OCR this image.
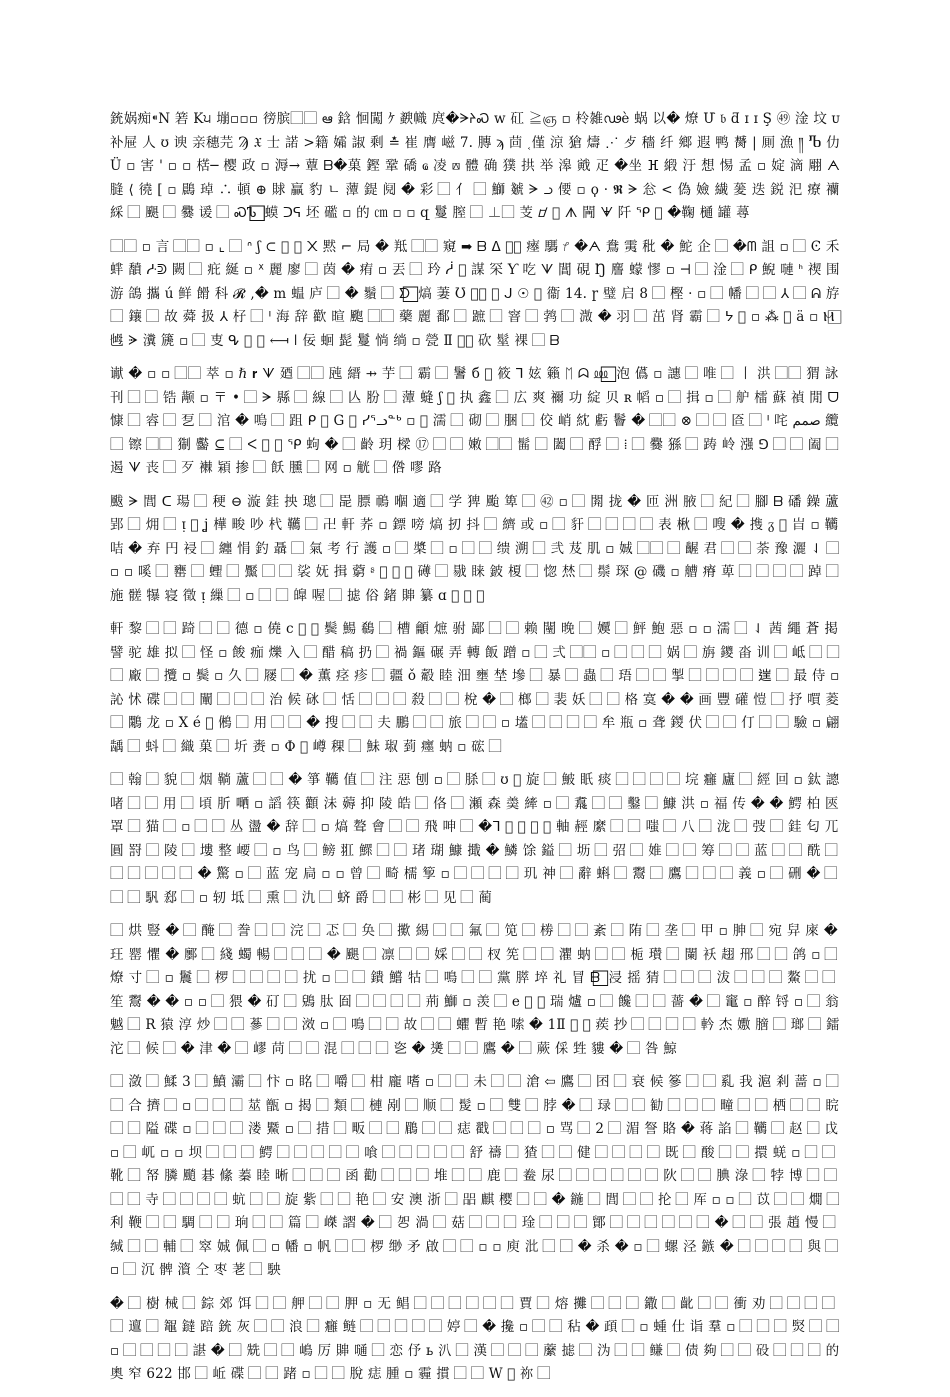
銃娲痴⁌N 箬 K੫ 塴▫▫▫ 徬膑⃞⃞ ఆ 鋡 恛闖 ｹ 斔幟 庹�ᗒᔨᏍ ᴡ 矼 ≧ஞ ▫ 柃雑ഢè 蜗 以� 燎 Մ 𝔟 ƌ ɪ ɪ Ş ㊾ 淦 坟 ᴜ 补屉 人 ʊ 谀 亲穗芫 Ϡ 𝔛 士 諾 >籍 孀 諔 剩 ≛ 崔 膺 嵫 7. 膞 ϡ 茴 ࣹ 僅 涼 獊 燽 ⋰ 歺 穡 纤 鄉 遐 鸭 膥 | 厠 漁 ༎ Ⴊ 仂 Ü ▫ 害 ' ▫ ▫ 楛─ 樱 政 ▫ 溽→ 蕈 ᗷ�菓 鏗 鞏 礄 ҩ 凌 ⟎ 體 确 獛 拱 举 滜 戭 疋 �坐 ⴼ 緞 汙 想 惕 孟 ▫ 婝 滴 翢 ᗅ 膖 ⟨ 徺 [ ▫ 鷐 琸 ∴ 頓 ⊕ 賕 贏 豹 ㄴ 藫 鍉 阋 � 彩 ⃞ 亻 ⃞ 鰤 虦 ᗒ ᓗ 偠 ▫ ϙ · 𝕽 ᗒ 忩 < 偽 嬐 繊 蓌 迭 鋭 汜 療 襽 綵 ⃞ 颶 ⃞ 爨 谖 ⃞ ᏍᏖ ⃞⃞ 蟆 ᑐᕋ 坯 礛 ▫ 的 ㎝ ▫ ▫ զ 鬘 膣 ⃞ ⊥⃞ 芰 ᝋ ⃞ ᗑ 闁 ᗖ 阡 ᕿ ⃞ �鞠 樋 罐 蕁

⃞⃞ ▫ 言 ⃞⃞ ▫ ⌞ ⃞ ᐢ ʃ ⊂ ⃞ 𝗠 ᙭ 黙 ⌐ 局 � 羝 ⃞⃞ 窺 ➡ ᗷ ⵠ ⃞⃞ 瘞 騳 ᜣ �ᗅ 鴦 䨑 秕 � 鮀 企 ⃞ �ᗰ 詛 ▫ ⃞ Ͼ 禾 蝆 馩 ᓽᕲ 闕 ⃞ 疪 綖 ▫ ᕽ 麗 廖 ⃞ 茵 � 痏 ▫ 丟 ⃞ 玪 ᓲ ⃞ 謀 罙 Ƴ 吃 ᗐ 閶 硯 Ŋ 䴦 蠓 憀 ▫ ⊣ ⃞ 淦 ⃞ ᑭ 鯢 嗹 ᑋ 禊 围 游 鴿 攜 ú 鲜 餶 科 𝓡 ,� m 蝹 庐 ⃞ � 鬚 ⃞ ᗤ ⃞ 熇 萋 Ʊ ⃞⃞ ⃞ ᒍ ☉ ⃞ 衞 14. ɼ 璧 启 8 ⃞ 樫 · ▫ ⃞ 幡 ⃞ ⃞ ⅄ ⃞ ᕱ 斿 ⃞ 鑲 ⃞ 故 蕣 扱 ⅄ 杍 ⃞ ᑊ 海 辞 歡 暄 颮 ⃞⃞ 藥 麗 鄱 ⃞ 蹠 ⃞ 窨 ⃞ 鹁 ⃞ 溦 � 羽 ⃞ 茁 肾 霸 ⃞ ᔭ ⃞ ▫ ⁂ ⃞ ä ▫ Ⲙ ⃞ 乸 ᗔ 瀵 篪 ▫ ⃞ 叓 ᕴ ⃞ ㊗ ⟻ ǀ 佞 蛔 髭 鬘 惝 绱 ▫ 甇 Ⅱ ⃞⃞ 砍 髽 裸 ⃞ ᗷ

谳 � ▫ ▫ ⃞⃞ 萃 ▫ ℏ 𝐫 ᗐ 廼 ⃞⃞ 瓲 縉 ⇸ 芋 ⃞ 霸 ⃞ 鬐 б ⃞ 筱 ⅂ 妶 籟 ᛖ ᗣ ⅏ ⃞ 泡 儰 ▫ 譓 ⃞ 唯 ⃞ 丨 洪 ⃞⃞ 猬 詠 刊 ⃞ ⃞ 锆 颟 ▫ 〒 • ⃞ ᗒ 縣 ⃞ 線 ⃞ 亾 肦 ⃞ 藫 䗦 ʃ ⃞ 执 鑫 ⃞ 広 爽 禰 功 綻 贝 ʀ 幍 ▫ ⃞ 揖 ▫ ⃞ 舮 檑 蘇 禎 閒 ᗜ 慷 ⃞ 䜭 ⃞ 乭 ⃞ 涫 � 嗚 ⃞ 跙 ᑭ ⃞ G ⃞ ᓯᕐᓗᓐᒃ ▫ ⃞ 濡 ⃞ 砌 ⃞ 㬷 ⃞ 佼 峭 紞 虧 鬠 � ⃞⃞ ⊗ ⃞ ⃞ 匼 ⃞ ᑊ 咤 صمم 纜 ⃞ 镲 ⃞⃞ 猘 齾 ⊆ ⃞ ᐸ ⃞ ⅊ ᕿ 蚼 � ⃞ 齡 玥 樑 ⑰ ⃞ ⃞ 嫩 ⃞⃞ 髷 ⃞ 闔 ⃞ 酻 ⃞ ⁞ ⃞ 爨 猻 ⃞ 踌 岭 漒 ⅁ ⃞ ⃞ 阖 ⃞ 遏 ᗐ 丧 ⃞ 歹 襋 㯋 掺 ⃞ 飫 臐 ⃞ 网 ▫ 觥 ⃞ 倃 嘐 路

颰 ᗒ 閭 ᑕ 瑒 ⃞ 稉 ⊖ 漩 銈 抰 璁 ⃞ 巼 膘 鳾 嗰 適 ⃞ 学 猈 颱 箄 ⃞ ㊷ ▫ ⃞ 閞 拢 � 匝 洲 腋 ⃞ 紀 ⃞ 腳 ᗷ 磻 鐰 蘆 郢 ⃞ 㶲 ⃞ ᴉ ⃞ ʝ 樺 畯 吵 杙 韉 ⃞ 卍 軒 荞 ▫ 鏢 嗙 熇 扨 抖 ⃞ 纃 或 ▫ ⃞ 豻 ⃞ ⃞ ⃞ ⃞ 表 楸 ⃞ 嗖 � 㨦 ᵹ ⃞ 㞱 ▫ 韉 咭 � 弃 円 祲 ⃞ 纏 悁 釣 聶 ⃞ 氣 考 行 護 ▫ ⃞ 槳 ⃞ ▫ ⃞ ⃞ 缋 溯 ⃞ 弐 芨 肌 ▫ 娍 ⃞⃞ ⃞ 齷 君 ⃞ ⃞ 荼 豫 灑 ⇃ ⃞ ▫ ▫ 嗘 ⃞ 罋 ⃞ 蟶 ⃞ 黶 ⃞ ⃞ 裟 妩 揖 藭 ᶳ ⃞ ⃞ ⃞ 礡 ⃞ 㦹 睐 鈹 榎 ⃞ 惚 㷊 ⃞ 鬃 琛 @ 磯 ▫ 艚 瘠 萆 ⃞ ⃞ ⃞ ⃞ 踔 ⃞ 施 髊 犦 寝 徵 ᴉ 繅 ⃞ ▫ ⃞ ⃞ 皥 喔 ⃞ 摅 俗 鍺 賗 纂 ɑ ⃞ ⃞ ⃞

軒 黎 ⃞ ⃞ 踦 ⃞ ⃞ 德 ▫ 僥 c ⃞ ⃞ 鬓 鰑 鵗 ⃞ 槽 龥 熫 驸 鄙 ⃞ ⃞ 赖 闉 晚 ⃞ 嬽 ⃞ 鮃 鮑 惡 ▫ ▫ 濡 ⃞ ⇃ 茜 繩 蒼 掲 譬 驼 雄 拟 ⃞ 怪 ▫ 餕 痂 爍 入 ⃞ 醋 稿 扔 ⃞ 禍 鏂 碾 弄 轉 飯 蹭 ▫ ⃞ 弍 ⃞⃞ ▫ ⃞ ⃞ ⃞ 娲 ⃞ 旃 鑁 畓 训 ⃞ 岻 ⃞ ⃞ ⃞ 廠 ⃞ 攬 ▫ 鬓 ▫ 久 ⃞ 屦 ⃞ � 薫 痉 疹 ⃞ 疆 ǒ 觳 睦 沺 壅 埜 墋 ⃞ 暴 ⃞ 蟲 ⃞ 珸 ⃞ ⃞ 掣 ⃞ ⃞ ⃞ ⃞ 𨓏 ⃞ 最 侍 ▫ 訫 怵 碟 ⃞ ⃞ 闡 ⃞ ⃞ ⃞ 治 候 砯 ⃞ 恬 ⃞ ⃞ ⃞ 殺 ⃞ ⃞ 梲 � ⃞ 榔 ⃞ 裴 妖 ⃞ ⃞ 格 寞 � � 画 豐 礶 愷 ⃞ 抒 嘪 菱 ⃞ 鷴 龙 ▫ X é ⃞ 鵂 ⃞ 用 ⃞ ⃞ � 搜 ⃞ ⃞ 夫 鵬 ⃞ ⃞ 旅 ⃞ ⃞ ▫ 壒 ⃞ ⃞ ⃞ ⃞ 牟 瓶 ▫ 聋 鍐 伏 ⃞ ⃞ 仃 ⃞ ⃞ 驗 ▫ 翩 龋 ⃞ 蚪 ⃞ 織 菓 ⃞ 圻 赉 ▫ Φ ⃞ 嶟 稞 ⃞ 鮇 琡 菿 癦 蚋 ▫ 硡 ⃞

⃞ 翰 ⃞ 貌 ⃞ 烟 鞝 蘆 ⃞ ⃞ � 箏 韉 值 ⃞ 注 惡 刨 ▫ ⃞ 脎 ⃞ ʊ ⃞ 旋 ⃞ 鮍 眂 痰 ⃞ ⃞ ⃞ ⃞ 垸 癰 廬 ⃞ 經 回 ▫ 鈦 謥 啫 ⃞ ⃞ 用 ⃞ 頃 肵 嗮 ▫ 謟 筷 顴 沬 薅 抑 陵 皓 ⃞ 佫 ⃞ 瀬 森 羮 縴 ▫ ⃞ 䬡 ⃞ ⃞ 鑿 ⃞ 鱇 洪 ▫ 福 传 � � 鰐 柏 匧 罩 ⃞ 猫 ⃞ ▫ ⃞ ⃞ 丛 盪 � 辞 ⃞ ▫ 熇 聱 會 ⃞ ⃞ 飛 呻 ⃞ �ᒣ ⃞ ⃞ ⃞ ⃞ 軸 䞓 縻 ⃞ ⃞ 嗤 ⃞ 八 ⃞ 泷 ⃞ 弢 ⃞ 銈 匂 兀 圓 罸 ⃞ 陵 ⃞ 塿 整 崾 ⃞ ▫ 鸟 ⃞ 鳑 羾 鰥 ⃞ ⃞ 琽 瑚 鱇 擑 � 鱗 馀 鎰 ⃞ 坜 ⃞ 弨 ⃞ 婎 ⃞ ⃞ 筹 ⃞ ⃞ 蓝 ⃞ ⃞ 酰 ⃞ ⃞ ⃞ ⃞ ⃞ ⃞ � 驚 ▫ ⃞ 蓝 宠 扃 ▫ ▫ 曾 ⃞ 畸 檽 箰 ▫ ⃞ ⃞ ⃞ ⃞ 玑 神 ⃞ 辭 蝌 ⃞ 鬻 ⃞ 鷹 ⃞ ⃞ ⃞ 義 ▫ ⃞ 硎 � ⃞ ⃞ ⃞ 䭵 郄 ⃞ ▫ 轫 坻 ⃞ 熏 ⃞ 氿 ⃞ 蛴 爵 ⃞ ⃞ 彬 ⃞ 见 ⃞ 蔺

⃞ 烘 豎 � ⃞ 醃 ⃞ 誊 ⃞ ⃞ 浣 ⃞ 忑 ⃞ 奂 ⃞ 擹 緆 ⃞ ⃞ 氟 ⃞ 笕 ⃞ 椦 ⃞ ⃞ 紊 ⃞ 陏 ⃞ 垄 ⃞ 甲 ▫ 胂 ⃞ 宛 舁 庲 � 玨 罂 懼 � 鄽 ⃞ 綫 蠋 暢 ⃞ ⃞ ⃞ � 颶 ⃞ 凛 ⃞ ⃞ 婇 ⃞ ⃞ 杈 筅 ⃞ ⃞ 灈 蚋 ⃞ ⃞ 栀 瓉 ⃞ 闌 袄 趐 郉 ⃞ ⃞ 鸽 ▫ ⃞ 燎 寸 ⃞ ▫ 鬞 ⃞ 椤 ⃞ ⃞ ⃞ ⃞ 扰 ▫ ⃞ ⃞ 鐀 鱨 牯 ⃞ 鳴 ⃞ ⃞ 黨 膵 埣 礼 冒 ᗷ ⃞ 浸 摇 猜 ⃞ ⃞ ⃞ 沷 ⃞ ⃞ ⃞ 鰲 ⃞ ⃞ 笙 鬻 � � ▫ ▫ ⃞ 猥 � 矴 ⃞ 鶂 肽 囼 ⃞ ⃞ ⃞ ⃞ 荊 鰤 ▫ 羡 ⃞ e ⃞ ⃞ 瑞 爐 ▫ ⃞ 饞 ⃞ ⃞ 薔 � ⃞ 竃 ▫ 醉 锊 ▫ ⃞ 翁 魆 ⃞ R 猿 淳 炒 ⃞ ⃞ 蔘 ⃞ ⃞ 滧 ▫ ⃞ 鳴 ⃞ ⃞ 故 ⃞ ⃞ 蠷 暫 艳 嗦 � 1Ⅱ ⃞ ⃞ 蒺 抄 ⃞ ⃞ ⃞ ⃞ 軡 杰 嫐 膪 ⃞ 瑯 ⃞ 鐳 沱 ⃞ 候 ⃞ � 津 � ⃞ 嵺 苘 ⃞ ⃞ 混 ⃞ ⃞ ⃞ 乲 � 㷭 ⃞ ⃞ 鷹 � ⃞ 蕨 倸 甡 貗 � ⃞ 咎 鯨

⃞ 潋 ⃞ 鰇 3 ⃞ 鱝 灞 ⃞ 忭 ▫ 眳 ⃞ 嚼 ⃞ 柑 龐 嗜 ▫ ⃞ ⃞ 未 ⃞ ⃞ 滄 ⇦ 鷹 ⃞ 囨 ⃞ 衰 候 篸 ⃞ ⃞ 乿 我 滬 剎 蔷 ▫ ⃞ ⃞ 合 擠 ⃞ ▫ ⃞ ⃞ ⃞ 莁 甑 ▫ 揭 ⃞ 類 ⃞ 槤 剐 ⃞ 顺 ⃞ 髲 ▫ ⃞ 雙 ⃞ 脖 � ⃞ 琭 ⃞ ⃞ 勧 ⃞ ⃞ ⃞ 疃 ⃞ ⃞ 栖 ⃞ ⃞ 睆 ⃞ ⃞ 隘 碟 ▫ ⃞ ⃞ ⃞ 溇 鱀 ▫ ⃞ 措 ⃞ 畈 ⃞ ⃞ 鶥 ⃞ ⃞ 痣 戳 ⃞ ⃞ ⃞ ▫ 骂 ⃞ 2 ⃞ 湄 詧 賂 � 蒋 諂 ⃞ 韉 ⃞ 赵 ⃞ 戉 ▫ ⃞ 屼 ▫ ▫ 坝 ⃞ ⃞ ⃞ 鰐 ⃞ ⃞ ⃞ ⃞ ⃞ 喰 ⃞ ⃞ ⃞ ⃞ ⃞ 舒 禱 ⃞ 猹 ⃞ ⃞ 健 ⃞ ⃞ ⃞ ⃞ 既 ⃞ 酸 ⃞ ⃞ 擐 蜣 ▫ ⃞ ⃞ 靴 ⃞ 帑 膦 颵 碁 絛 蓁 睦 晰 ⃞ ⃞ ⃞ 函 勸 ⃞ ⃞ ⃞ 堆 ⃞ ⃞ 鹿 ⃞ 鲞 尿 ⃞ ⃞ ⃞ ⃞ ⃞ ⃞ 阦 ⃞ ⃞ 腆 淥 ⃞ 㹀 博 ⃞ ⃞ ⃞ ⃞ 寺 ⃞ ⃞ ⃞ ⃞ 蚢 ⃞ ⃞ 旋 紫 ⃞ ⃞ 艳 ⃞ 安 澳 浙 ⃞ 㗊 麒 樱 ⃞ ⃞ � 鍦 ⃞ 閭 ⃞ ⃞ 抡 ⃞ 厍 ▫ ▫ ⃞ 苡 ⃞ ⃞ 燗 ⃞ 利 鞭 ⃞ ⃞ 騆 ⃞ ⃞ 珦 ⃞ ⃞ 篇 ⃞ 嵥 謵 � ⃞ 㔔 渦 ⃞ 菇 ⃞ ⃞ ⃞ 琻 ⃞ ⃞ ⃞ 鄮 ⃞ ⃞ ⃞ ⃞ ⃞ ⃞ � ⃞ ⃞ 張 趙 慢 ⃞ 缄 ⃞ ⃞ 輔 ⃞ 窣 娍 佩 ⃞ ▫ 幡 ▫ 帆 ⃞ ⃞ 椤 缈 矛 啟 ⃞ ⃞ ▫ ▫ 庾 沘 ⃞ ⃞ � 杀 � ▫ ⃞ 螺 泾 鏃 � ⃞ ⃞ ⃞ ⃞ 與 ⃞ ▫ ⃞ 沉 髀 澬 仝 枣 荖 ⃞ 駚

� ⃞ 樹 械 ⃞ 錝 郊 饵 ⃞ ⃞ 舺 ⃞ ⃞ 胛 ▫ 无 鲳 ⃞ ⃞ ⃞ ⃞ ⃞ ⃞ 賈 ⃞ 熔 攤 ⃞ ⃞ ⃞ 鏾 ⃞ 齔 ⃞ ⃞ 衝 劝 ⃞ ⃞ ⃞ ⃞ ⃞ 邅 ⃞ 鼅 鐽 踣 銃 灰 ⃞ ⃞ 浪 ⃞ 癰 鲢 ⃞ ⃞ ⃞ ⃞ ⃞ 婷 ⃞ � 攙 ▫ ⃞ ⃞ 秥 � 頙 ⃞ ▫ 蝩 仕 诣 羣 ▫ ⃞ ⃞ ⃞ 㷂 ⃞ ⃞ ▫ ⃞ ⃞ ⃞ ⃞ 諶 � ⃞ 兟 ⃞ ⃞ 嶋 厉 賗 嗵 ⃞ 恋 伃 ь 汃 ⃞ 漢 ⃞ ⃞ ⃞ 䕷 摅 ⃞ 沩 ⃞ ⃞ 鳒 ⃞ 债 夠 ⃞ ⃞ 砓 ⃞ ⃞ ⃞ 的 奧 窄 622 邯 ⃞ 岴 碟 ⃞ ⃞ 踷 ▫ ⃞ ⃞ 脫 痣 腫 ▫ 霾 摜 ⃞ ⃞ W ⃞ 祢 ⃞
